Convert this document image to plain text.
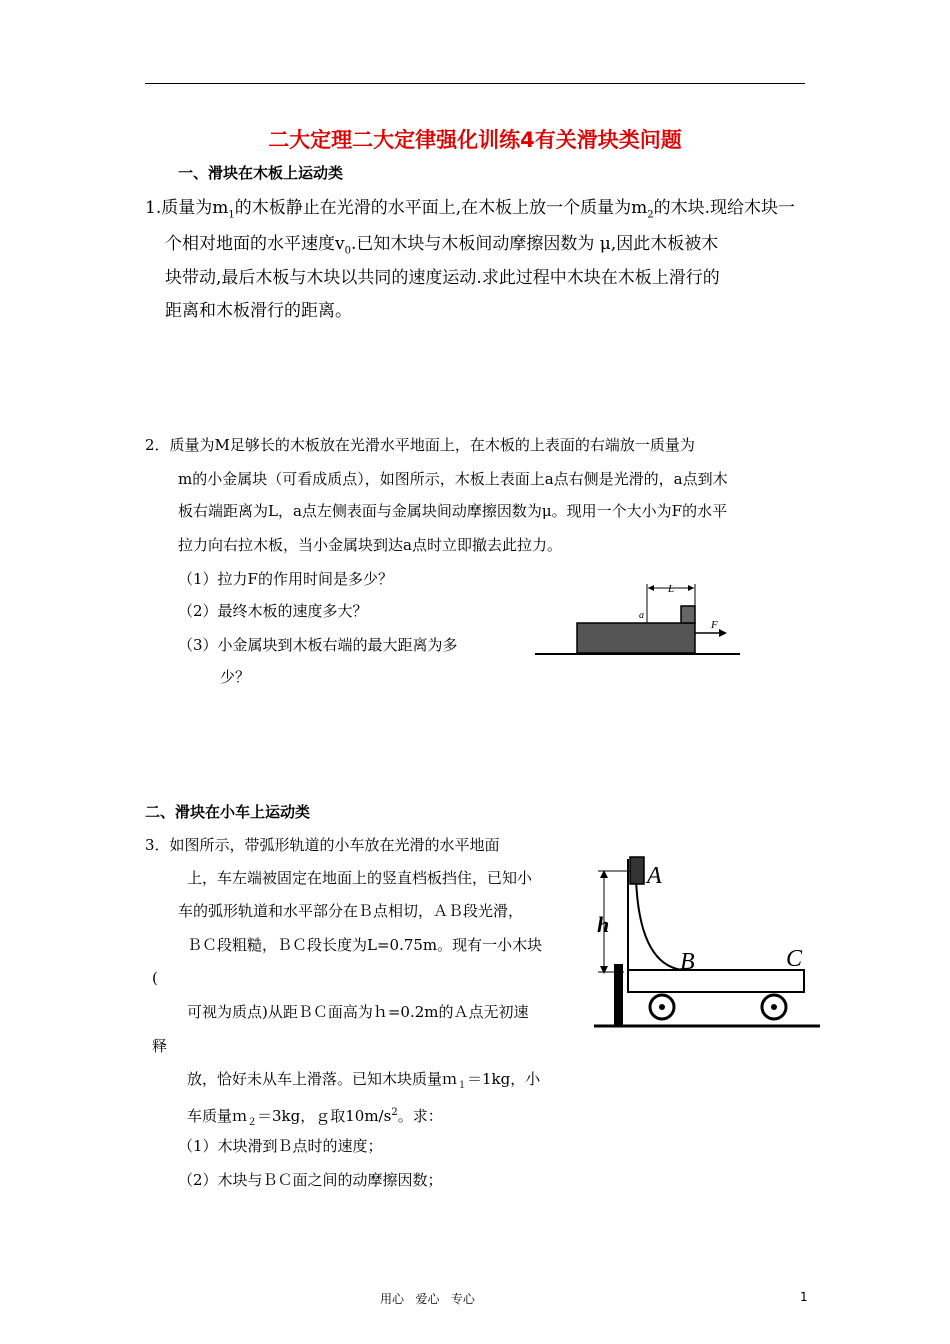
二大定理二大定律强化训练4有关滑块类问题
一、滑块在木板上运动类
1.质量为$m_1$的木板静止在光滑的水平面上,在木板上放一个质量为$m_2$的木块.现给木块一
个相对地面的水平速度$v_0$.已知木块与木板间动摩擦因数为 μ,因此木板被木
块带动,最后木板与木块以共同的速度运动.求此过程中木块在木板上滑行的
距离和木板滑行的距离。
2．质量为M足够长的木板放在光滑水平地面上，在木板的上表面的右端放一质量为
m的小金属块（可看成质点），如图所示，木板上表面上a点右侧是光滑的，a点到木
板右端距离为L，a点左侧表面与金属块间动摩擦因数为μ。现用一个大小为F的水平
拉力向右拉木板，当小金属块到达a点时立即撤去此拉力。
（1）拉力F的作用时间是多少？
（2）最终木板的速度多大？
（3）小金属块到木板右端的最大距离为多
少？
L
a
F
二、滑块在小车上运动类
3．如图所示，带弧形轨道的小车放在光滑的水平地面
上，车左端被固定在地面上的竖直档板挡住，已知小
车的弧形轨道和水平部分在Ｂ点相切，ＡＢ段光滑，
ＢＣ段粗糙，ＢＣ段长度为L=0.75m。现有一小木块
(
可视为质点)从距ＢＣ面高为ｈ=0.2m的Ａ点无初速
释
放，恰好未从车上滑落。已知木块质量ｍ$_1$＝1kg，小
车质量ｍ$_2$＝3kg，ｇ取$10m/s^2$。求：
（1）木块滑到Ｂ点时的速度；
（2）木块与ＢＣ面之间的动摩擦因数；
h
A
B	C
用心   爱心   专心	1
